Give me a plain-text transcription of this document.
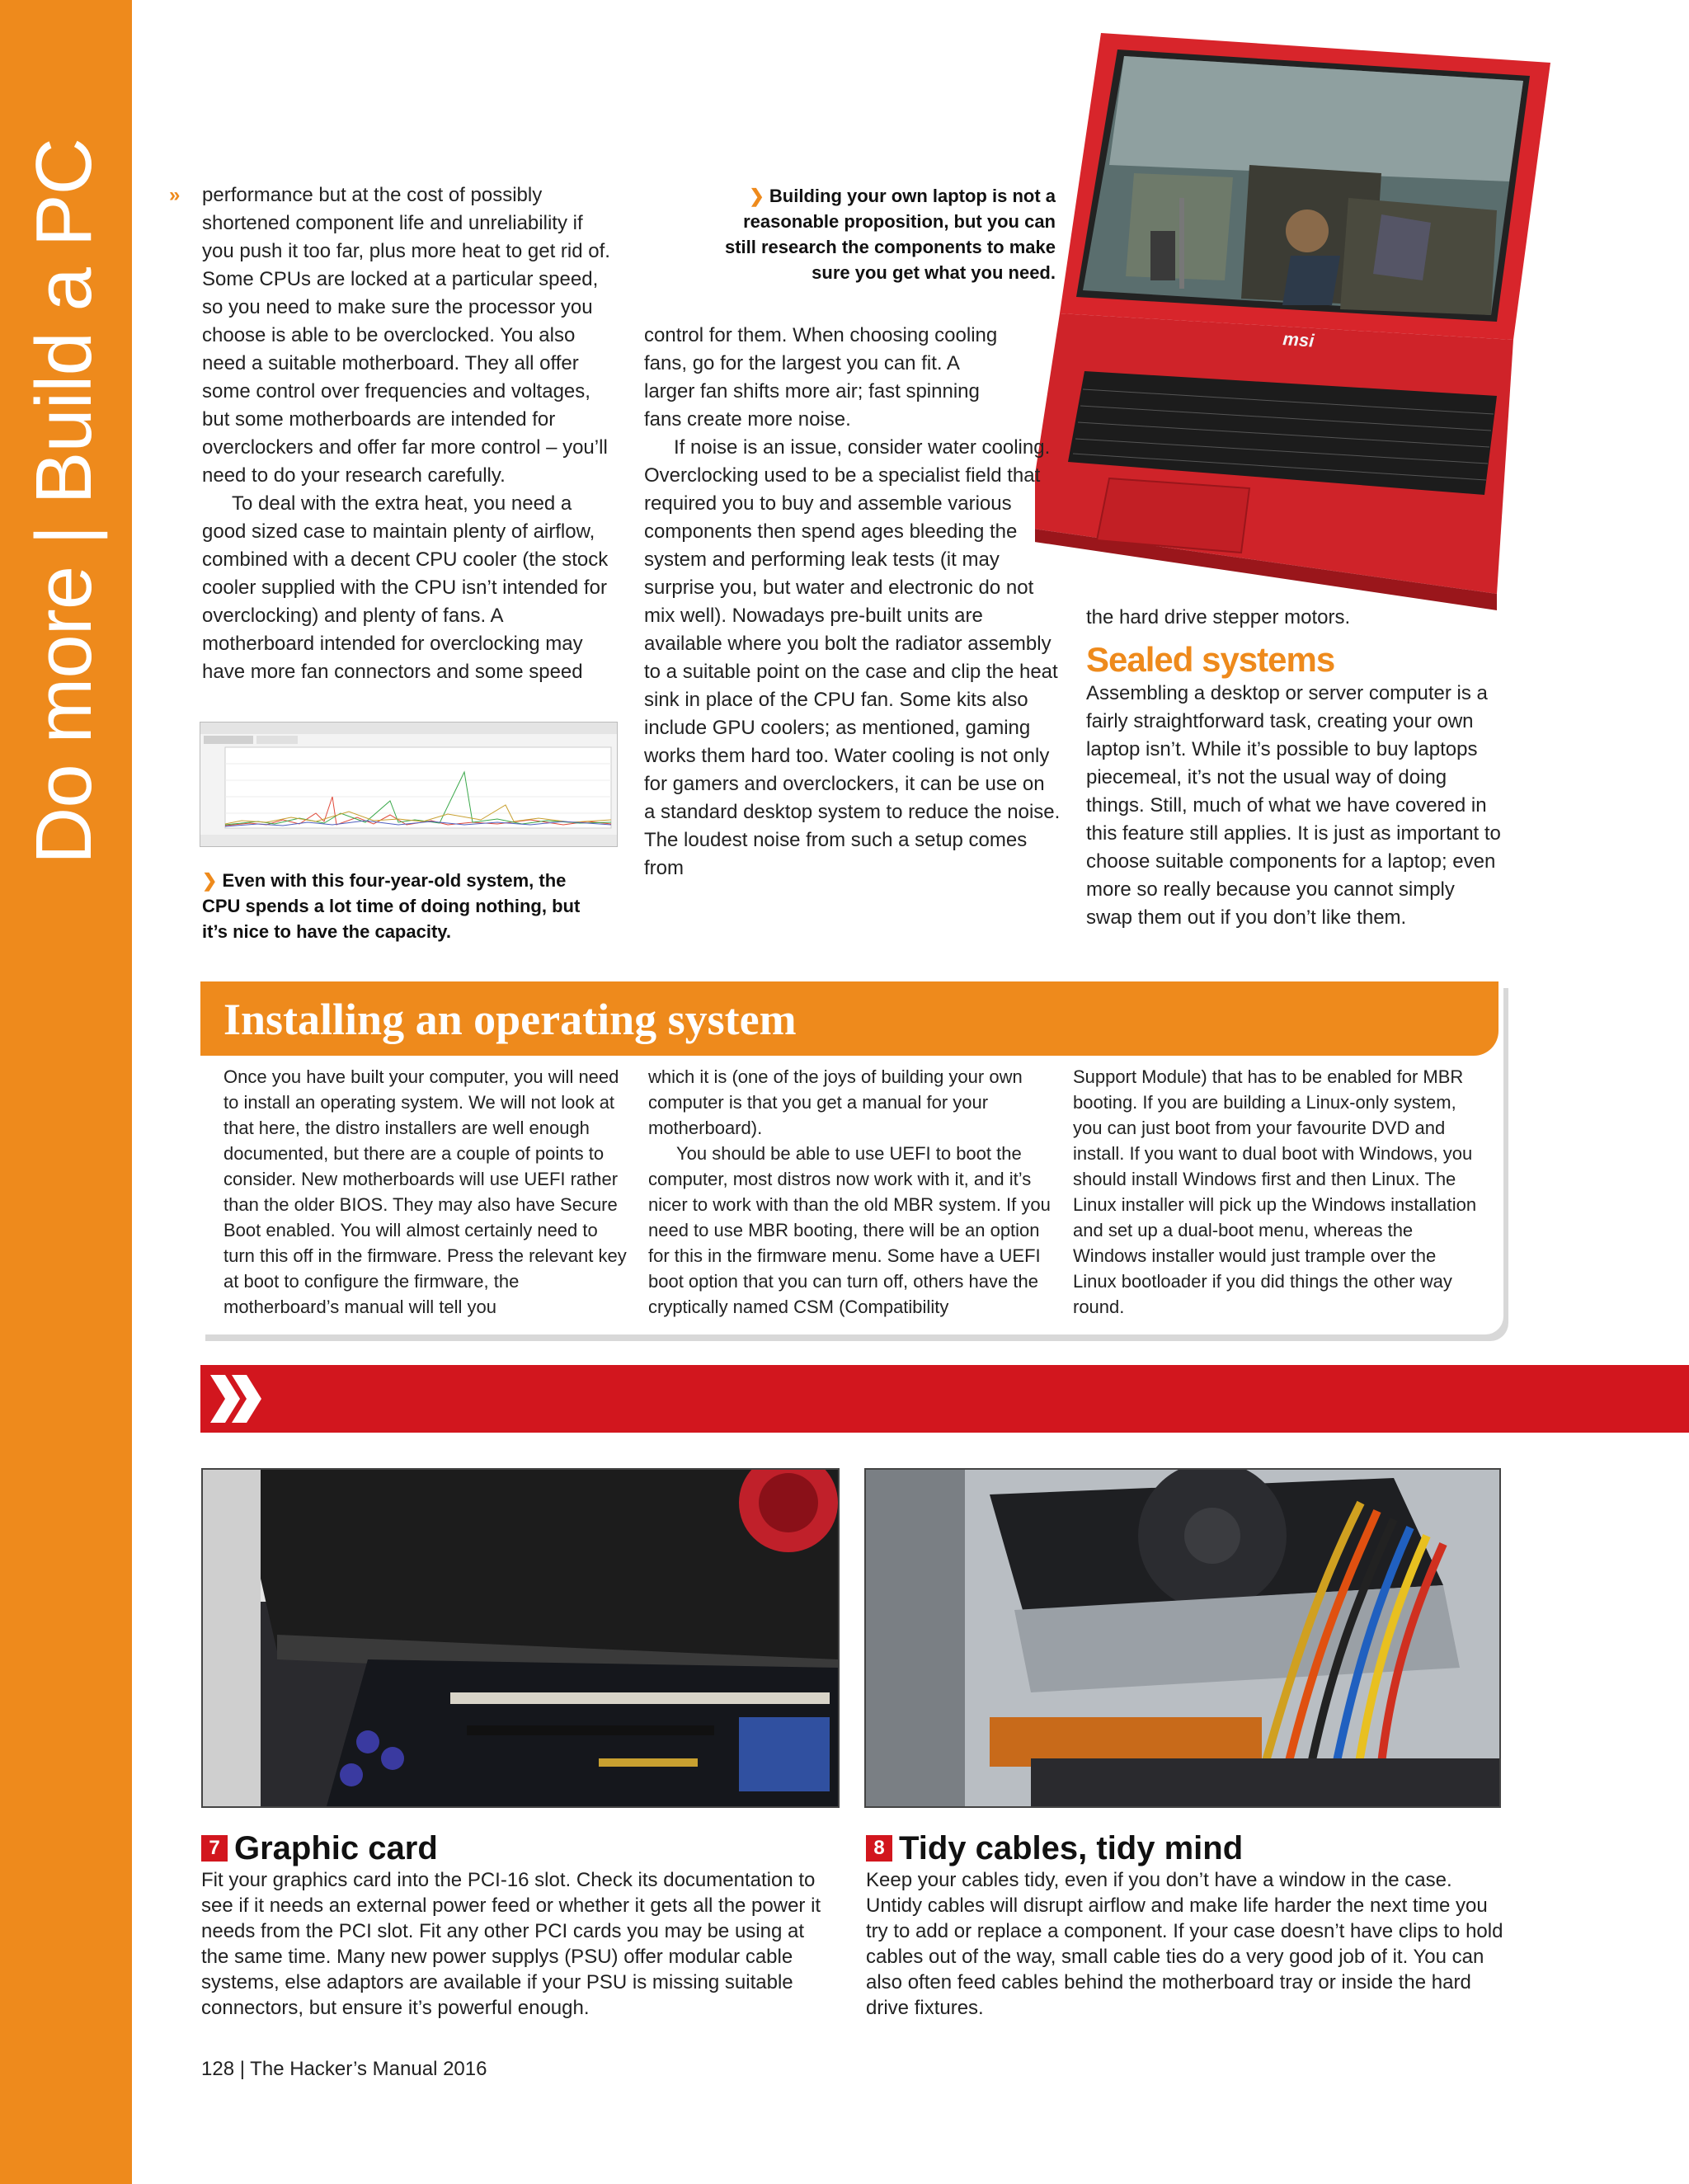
Do more | Build a PC	» performance but at the cost of possibly shortened component life and unreliability if you push it too far, plus more heat to get rid of. Some CPUs are locked at a particular speed, so you need to make sure the processor you choose is able to be overclocked. You also need a suitable motherboard. They all offer some control over frequencies and voltages, but some motherboards are intended for overclockers and offer far more control – you’ll need to do your research carefully.

To deal with the extra heat, you need a good sized case to maintain plenty of airflow, combined with a decent CPU cooler (the stock cooler supplied with the CPU isn’t intended for overclocking) and plenty of fans. A motherboard intended for overclocking may have more fan connectors and some speed

❯ Even with this four-year-old system, the CPU spends a lot time of doing nothing, but it’s nice to have the capacity.
❯ Building your own laptop is not a reasonable proposition, but you can still research the components to make sure you get what you need.
msi

control for them. When choosing cooling fans, go for the largest you can fit. A larger fan shifts more air; fast spinning fans create more noise.

If noise is an issue, consider water cooling. Overclocking used to be a specialist field that required you to buy and assemble various components then spend ages bleeding the system and performing leak tests (it may surprise you, but water and electronic do not mix well). Nowadays pre-built units are available where you bolt the radiator assembly to a suitable point on the case and clip the heat sink in place of the CPU fan. Some kits also include GPU coolers; as mentioned, gaming works them hard too. Water cooling is not only for gamers and overclockers, it can be use on a standard desktop system to reduce the noise. The loudest noise from such a setup comes from

the hard drive stepper motors.

Sealed systems

Assembling a desktop or server computer is a fairly straightforward task, creating your own laptop isn’t. While it’s possible to buy laptops piecemeal, it’s not the usual way of doing things. Still, much of what we have covered in this feature still applies. It is just as important to choose suitable components for a laptop; even more so really because you cannot simply swap them out if you don’t like them.

Installing an operating system
Once you have built your computer, you will need to install an operating system. We will not look at that here, the distro installers are well enough documented, but there are a couple of points to consider. New motherboards will use UEFI rather than the older BIOS. They may also have Secure Boot enabled. You will almost certainly need to turn this off in the firmware. Press the relevant key at boot to configure the firmware, the motherboard’s manual will tell you
which it is (one of the joys of building your own computer is that you get a manual for your motherboard).
You should be able to use UEFI to boot the computer, most distros now work with it, and it’s nicer to work with than the old MBR system. If you need to use MBR booting, there will be an option for this in the firmware menu. Some have a UEFI boot option that you can turn off, others have the cryptically named CSM (Compatibility
Support Module) that has to be enabled for MBR booting. If you are building a Linux-only system, you can just boot from your favourite DVD and install. If you want to dual boot with Windows, you should install Windows first and then Linux. The Linux installer will pick up the Windows installation and set up a dual-boot menu, whereas the Windows installer would just trample over the Linux bootloader if you did things the other way round.
7 Graphic card
Fit your graphics card into the PCI-16 slot. Check its documentation to see if it needs an external power feed or whether it gets all the power it needs from the PCI slot. Fit any other PCI cards you may be using at the same time. Many new power supplys (PSU) offer modular cable systems, else adaptors are available if your PSU is missing suitable connectors, but ensure it’s powerful enough.
8 Tidy cables, tidy mind
Keep your cables tidy, even if you don’t have a window in the case. Untidy cables will disrupt airflow and make life harder the next time you try to add or replace a component. If your case doesn’t have clips to hold cables out of the way, small cable ties do a very good job of it. You can also often feed cables behind the motherboard tray or inside the hard drive fixtures.
128 | The Hacker’s Manual 2016
